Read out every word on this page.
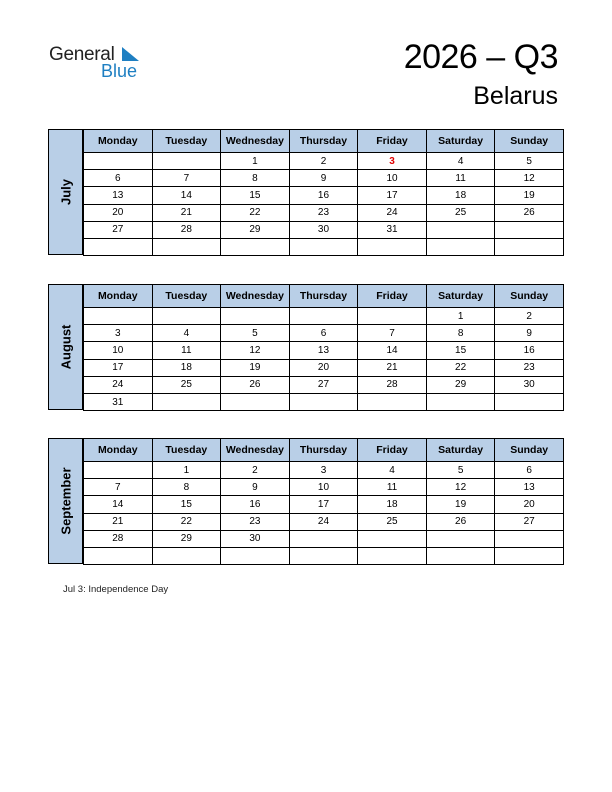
General
Blue	2026 – Q3
Belarus
July
Monday	Tuesday	Wednesday	Thursday	Friday	Saturday	Sunday
		1	2	3	4	5
6	7	8	9	10	11	12
13	14	15	16	17	18	19
20	21	22	23	24	25	26
27	28	29	30	31		

August
Monday	Tuesday	Wednesday	Thursday	Friday	Saturday	Sunday
					1	2
3	4	5	6	7	8	9
10	11	12	13	14	15	16
17	18	19	20	21	22	23
24	25	26	27	28	29	30
31						
September
Monday	Tuesday	Wednesday	Thursday	Friday	Saturday	Sunday
	1	2	3	4	5	6
7	8	9	10	11	12	13
14	15	16	17	18	19	20
21	22	23	24	25	26	27
28	29	30				

Jul 3: Independence Day
